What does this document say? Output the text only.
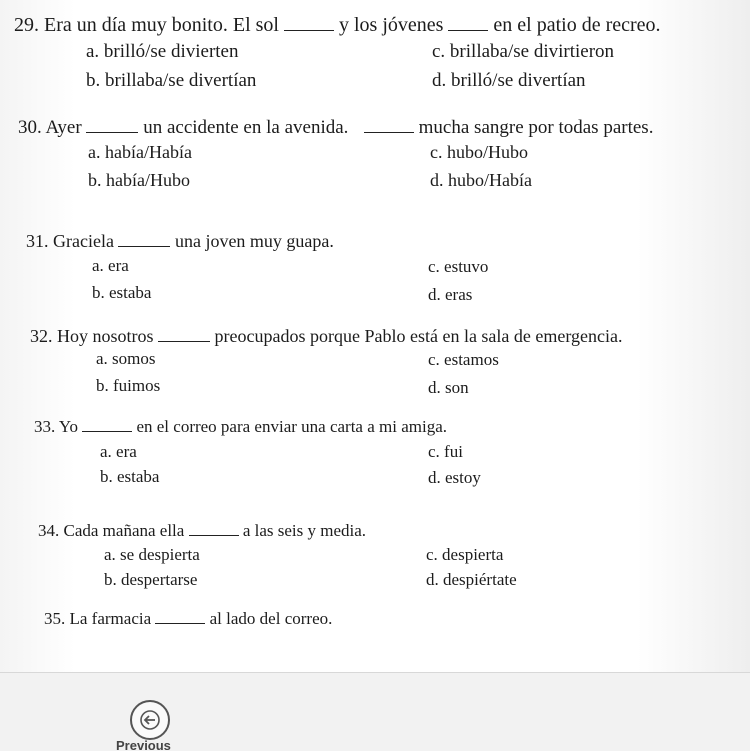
29. Era un día muy bonito. El sol	y los jóvenes	en el patio de recreo.
a. brilló/se divierten
b. brillaba/se divertían
c. brillaba/se divirtieron
d. brilló/se divertían
30. Ayer	un accidente en la avenida.	mucha sangre por todas partes.
a. había/Había
b. había/Hubo
c. hubo/Hubo
d. hubo/Había
31. Graciela	una joven muy guapa.
a. era
b. estaba
c. estuvo
d. eras
32. Hoy nosotros	preocupados porque Pablo está en la sala de emergencia.
a. somos
b. fuimos
c. estamos
d. son
33. Yo	en el correo para enviar una carta a mi amiga.
a. era
b. estaba
c. fui
d. estoy
34. Cada mañana ella	a las seis y media.
a. se despierta
b. despertarse
c. despierta
d. despiértate
35. La farmacia	al lado del correo.
Previous
